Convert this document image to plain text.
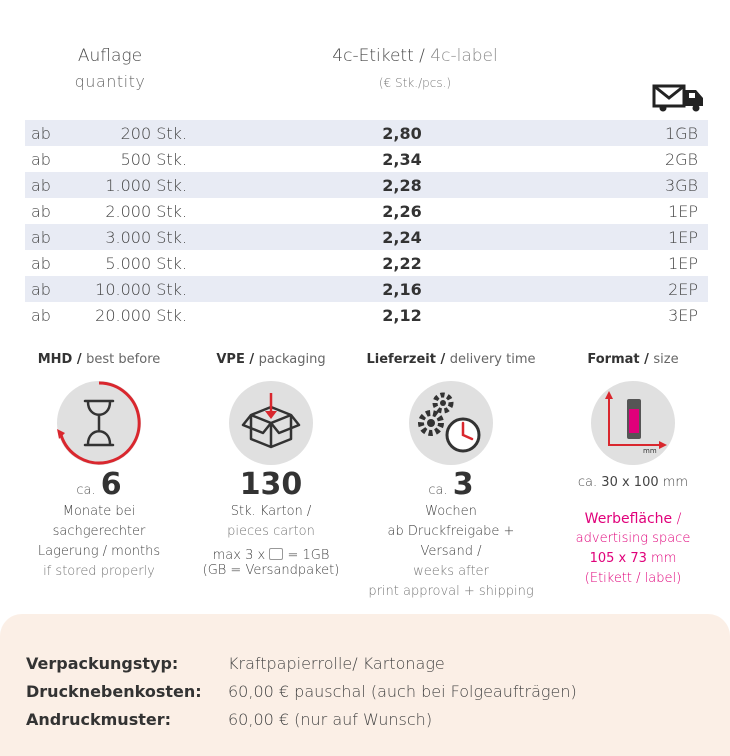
Auflage
quantity
4c-Etikett / 4c-label
(€ Stk./pcs.)
ab	200 Stk.	2,80	1GB
ab	500 Stk.	2,34	2GB
ab	1.000 Stk.	2,28	3GB
ab	2.000 Stk.	2,26	1EP
ab	3.000 Stk.	2,24	1EP
ab	5.000 Stk.	2,22	1EP
ab	10.000 Stk.	2,16	2EP
ab	20.000 Stk.	2,12	3EP
MHD / best before
ca. 6
Monate bei
sachgerechter
Lagerung / months
if stored properly
VPE / packaging
130
Stk. Karton /
pieces carton
max 3 x  = 1GB
(GB = Versandpaket)
Lieferzeit / delivery time
ca. 3
Wochen
ab Druckfreigabe + Versand /
weeks after
print approval + shipping
Format / size
mm
ca. 30 x 100 mm
Werbefläche /
advertising space
105 x 73 mm
(Etikett / label)
Verpackungstyp:	Kraftpapierrolle/ Kartonage
Drucknebenkosten:	60,00 € pauschal (auch bei Folgeaufträgen)
Andruckmuster:	60,00 € (nur auf Wunsch)
